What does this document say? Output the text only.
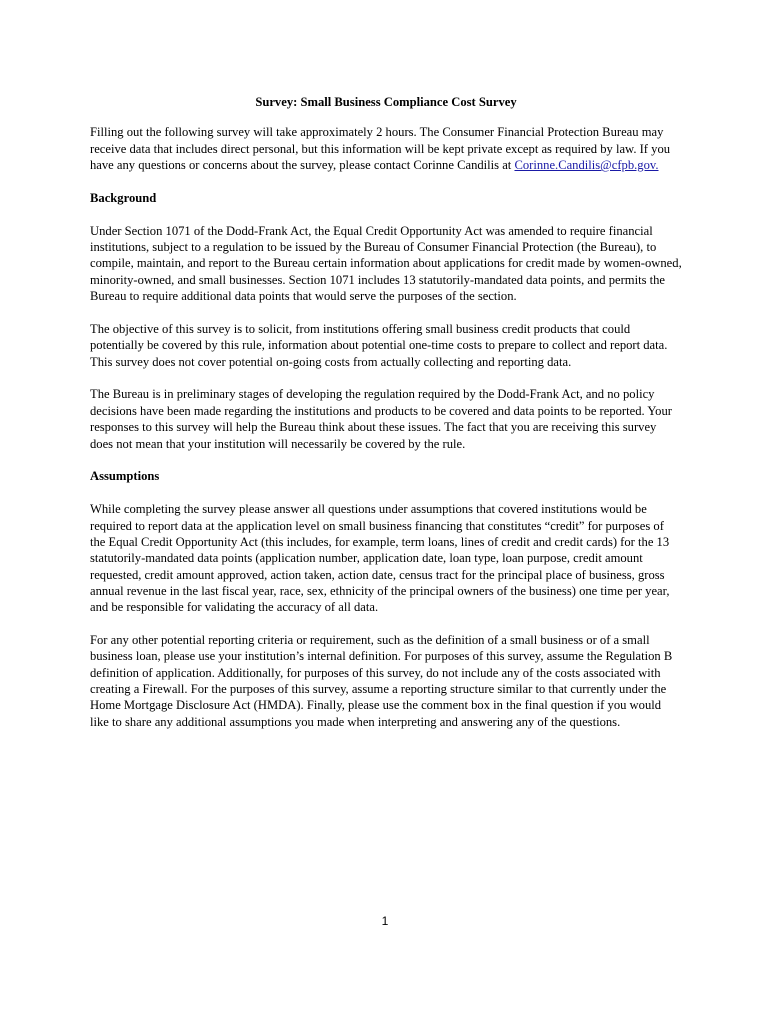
Survey: Small Business Compliance Cost Survey

Filling out the following survey will take approximately 2 hours. The Consumer Financial Protection Bureau may receive data that includes direct personal, but this information will be kept private except as required by law. If you have any questions or concerns about the survey, please contact Corinne Candilis at Corinne.Candilis@cfpb.gov.

Background

Under Section 1071 of the Dodd-Frank Act, the Equal Credit Opportunity Act was amended to require financial institutions, subject to a regulation to be issued by the Bureau of Consumer Financial Protection (the Bureau), to compile, maintain, and report to the Bureau certain information about applications for credit made by women-owned, minority-owned, and small businesses. Section 1071 includes 13 statutorily-mandated data points, and permits the Bureau to require additional data points that would serve the purposes of the section.

The objective of this survey is to solicit, from institutions offering small business credit products that could potentially be covered by this rule, information about potential one-time costs to prepare to collect and report data. This survey does not cover potential on-going costs from actually collecting and reporting data.

The Bureau is in preliminary stages of developing the regulation required by the Dodd-Frank Act, and no policy decisions have been made regarding the institutions and products to be covered and data points to be reported. Your responses to this survey will help the Bureau think about these issues. The fact that you are receiving this survey does not mean that your institution will necessarily be covered by the rule.

Assumptions

While completing the survey please answer all questions under assumptions that covered institutions would be required to report data at the application level on small business financing that constitutes “credit” for purposes of the Equal Credit Opportunity Act (this includes, for example, term loans, lines of credit and credit cards) for the 13 statutorily-mandated data points (application number, application date, loan type, loan purpose, credit amount requested, credit amount approved, action taken, action date, census tract for the principal place of business, gross annual revenue in the last fiscal year, race, sex, ethnicity of the principal owners of the business) one time per year, and be responsible for validating the accuracy of all data.

For any other potential reporting criteria or requirement, such as the definition of a small business or of a small business loan, please use your institution’s internal definition. For purposes of this survey, assume the Regulation B definition of application. Additionally, for purposes of this survey, do not include any of the costs associated with creating a Firewall. For the purposes of this survey, assume a reporting structure similar to that currently under the Home Mortgage Disclosure Act (HMDA). Finally, please use the comment box in the final question if you would like to share any additional assumptions you made when interpreting and answering any of the questions.

1
